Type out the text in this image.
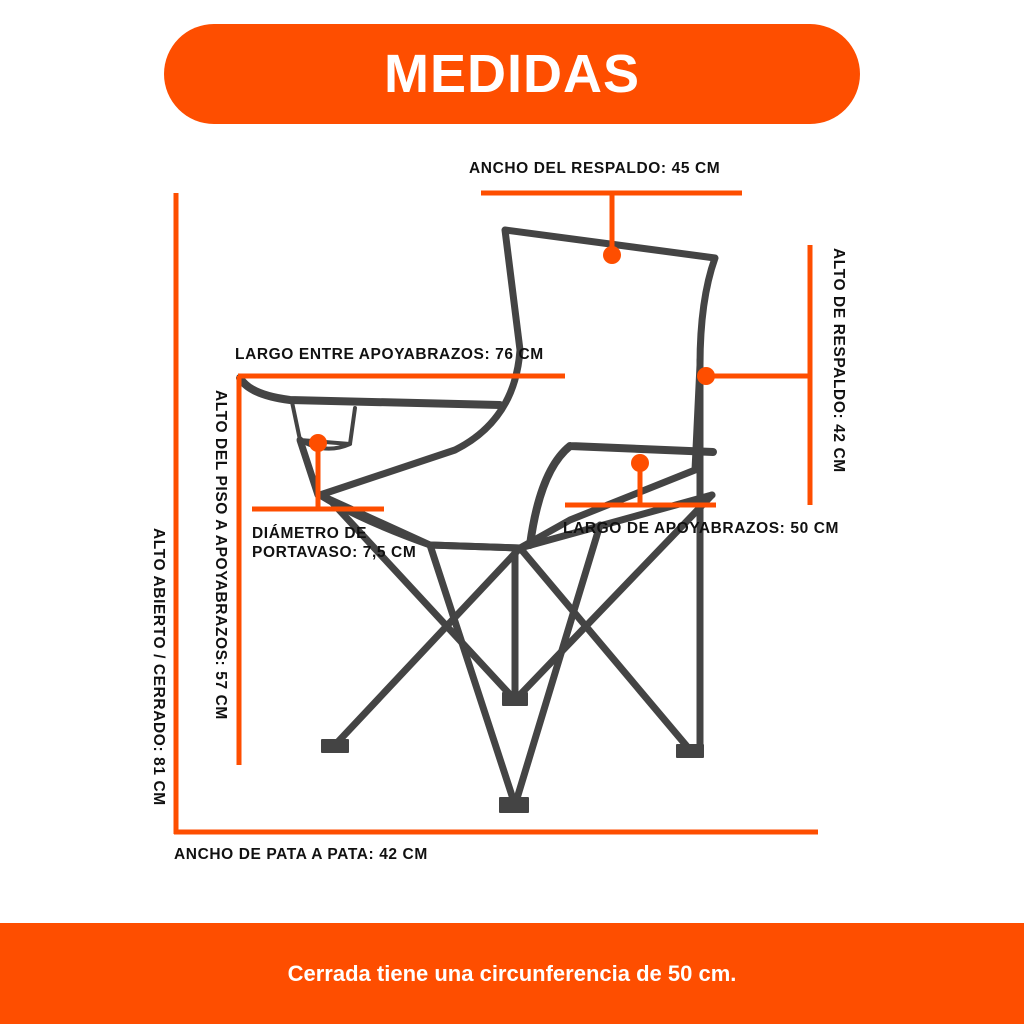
MEDIDAS
ANCHO DEL RESPALDO: 45 CM
ALTO DE RESPALDO: 42 CM
LARGO ENTRE APOYABRAZOS: 76 CM
ALTO DEL PISO A APOYABRAZOS: 57 CM DIÁMETRO DE
PORTAVASO: 7,5 CM
LARGO DE APOYABRAZOS: 50 CM
ALTO ABIERTO / CERRADO: 81 CM
ANCHO DE PATA A PATA: 42 CM
Cerrada tiene una circunferencia de 50 cm.
